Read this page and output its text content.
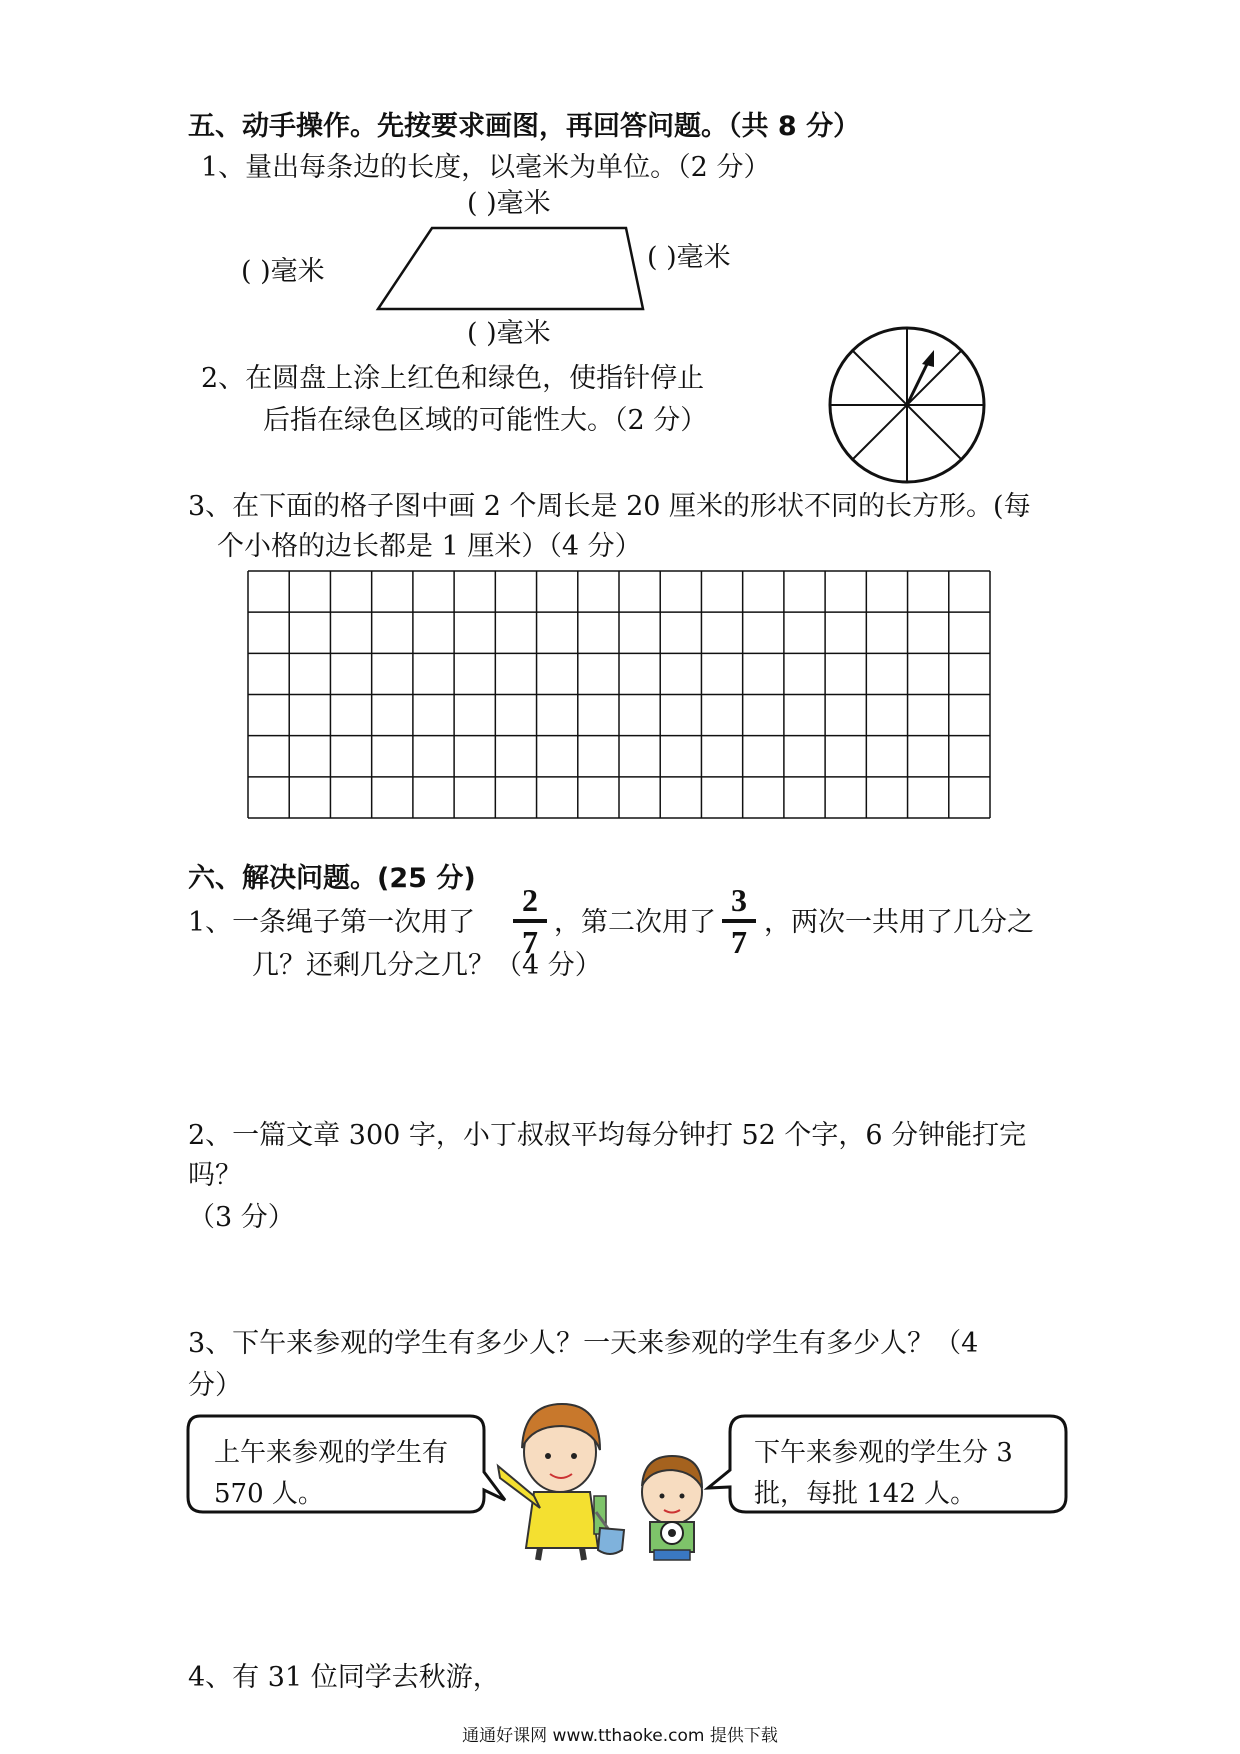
五、动手操作。先按要求画图，再回答问题。（共 8 分）
1、量出每条边的长度，以毫米为单位。（2 分）
( )毫米
( )毫米	( )毫米
( )毫米
2、在圆盘上涂上红色和绿色，使指针停止
后指在绿色区域的可能性大。（2 分）
3、在下面的格子图中画 2 个周长是 20 厘米的形状不同的长方形。(每
个小格的边长都是 1 厘米）（4 分）
六、解决问题。(25 分)
1、一条绳子第一次用了
2
7
，第二次用了
3
7
，两次一共用了几分之
几？还剩几分之几？（4 分）
2、一篇文章 300 字，小丁叔叔平均每分钟打 52 个字，6 分钟能打完
吗？
（3 分）
3、下午来参观的学生有多少人？一天来参观的学生有多少人？（4
分）
上午来参观的学生有
570 人。
下午来参观的学生分 3
批，每批 142 人。
4、有 31 位同学去秋游，
通通好课网 www.tthaoke.com 提供下载
